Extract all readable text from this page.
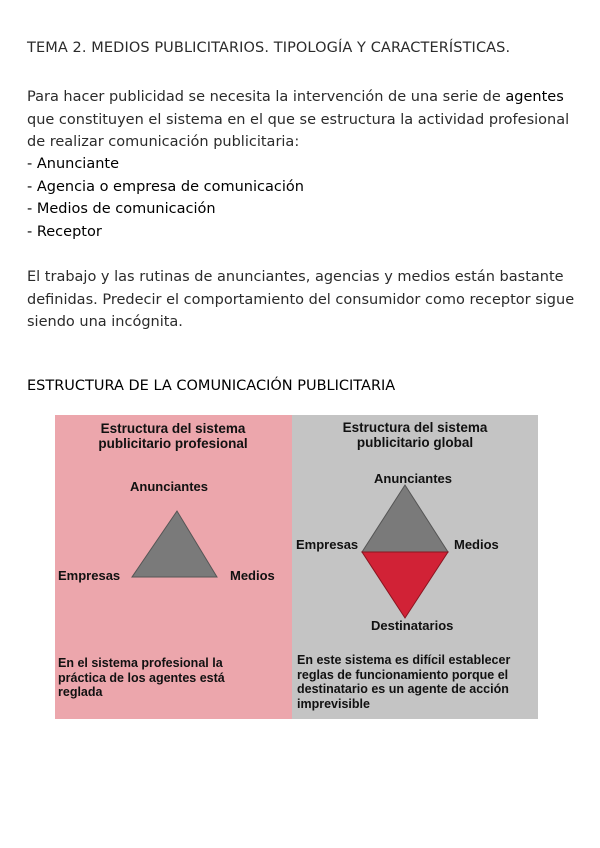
TEMA 2. MEDIOS PUBLICITARIOS. TIPOLOGÍA Y CARACTERÍSTICAS.

Para hacer publicidad se necesita la intervención de una serie de agentes que constituyen el sistema en el que se estructura la actividad profesional de realizar comunicación publicitaria:

- Anunciante
- Agencia o empresa de comunicación
- Medios de comunicación
- Receptor

El trabajo y las rutinas de anunciantes, agencias y medios están bastante definidas. Predecir el comportamiento del consumidor como receptor sigue siendo una incógnita.

ESTRUCTURA DE LA COMUNICACIÓN PUBLICITARIA
Estructura del sistema publicitario profesional
Anunciantes
Empresas	Medios
En el sistema profesional la práctica de los agentes está reglada
Estructura del sistema publicitario global
Anunciantes
Empresas	Medios
Destinatarios
En este sistema es difícil establecer reglas de funcionamiento porque el destinatario es un agente de acción imprevisible
